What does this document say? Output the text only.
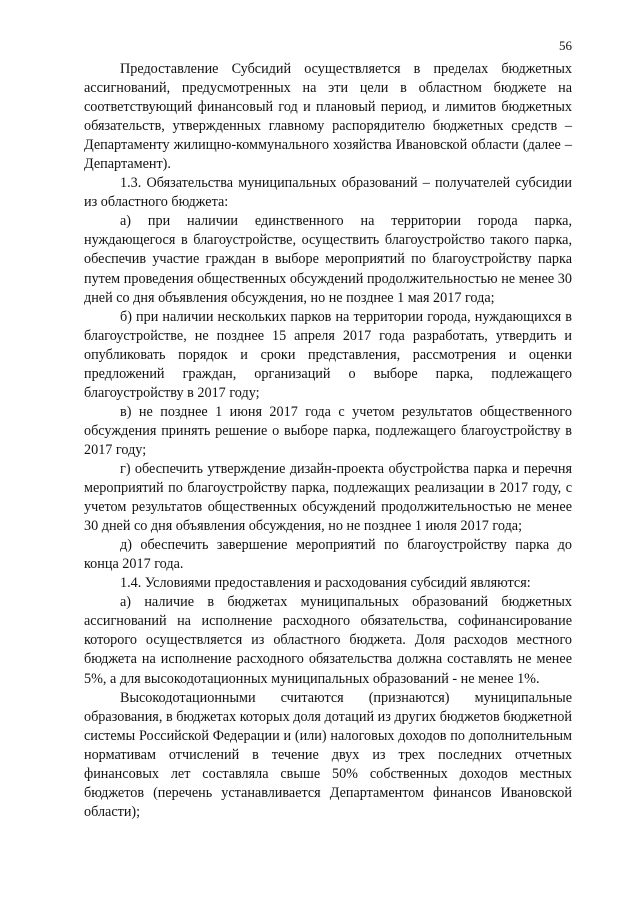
56

Предоставление Субсидий осуществляется в пределах бюджетных ассигнований, предусмотренных на эти цели в областном бюджете на соответствующий финансовый год и плановый период, и лимитов бюджетных обязательств, утвержденных главному распорядителю бюджетных средств – Департаменту жилищно-коммунального хозяйства Ивановской области (далее – Департамент).

1.3. Обязательства муниципальных образований – получателей субсидии из областного бюджета:

а) при наличии единственного на территории города парка, нуждающегося в благоустройстве, осуществить благоустройство такого парка, обеспечив участие граждан в выборе мероприятий по благоустройству парка путем проведения общественных обсуждений продолжительностью не менее 30 дней со дня объявления обсуждения, но не позднее 1 мая 2017 года;

б) при наличии нескольких парков на территории города, нуждающихся в благоустройстве, не позднее 15 апреля 2017 года разработать, утвердить и опубликовать порядок и сроки представления, рассмотрения и оценки предложений граждан, организаций о выборе парка, подлежащего благоустройству в 2017 году;

в) не позднее 1 июня 2017 года с учетом результатов общественного обсуждения принять решение о выборе парка, подлежащего благоустройству в 2017 году;

г) обеспечить утверждение дизайн-проекта обустройства парка и перечня мероприятий по благоустройству парка, подлежащих реализации в 2017 году, с учетом результатов общественных обсуждений продолжительностью не менее 30 дней со дня объявления обсуждения, но не позднее 1 июля 2017 года;

д) обеспечить завершение мероприятий по благоустройству парка до конца 2017 года.

1.4. Условиями предоставления и расходования субсидий являются:

а) наличие в бюджетах муниципальных образований бюджетных ассигнований на исполнение расходного обязательства, софинансирование которого осуществляется из областного бюджета. Доля расходов местного бюджета на исполнение расходного обязательства должна составлять не менее 5%, а для высокодотационных муниципальных образований - не менее 1%.

Высокодотационными считаются (признаются) муниципальные образования, в бюджетах которых доля дотаций из других бюджетов бюджетной системы Российской Федерации и (или) налоговых доходов по дополнительным нормативам отчислений в течение двух из трех последних отчетных финансовых лет составляла свыше 50% собственных доходов местных бюджетов (перечень устанавливается Департаментом финансов Ивановской области);
